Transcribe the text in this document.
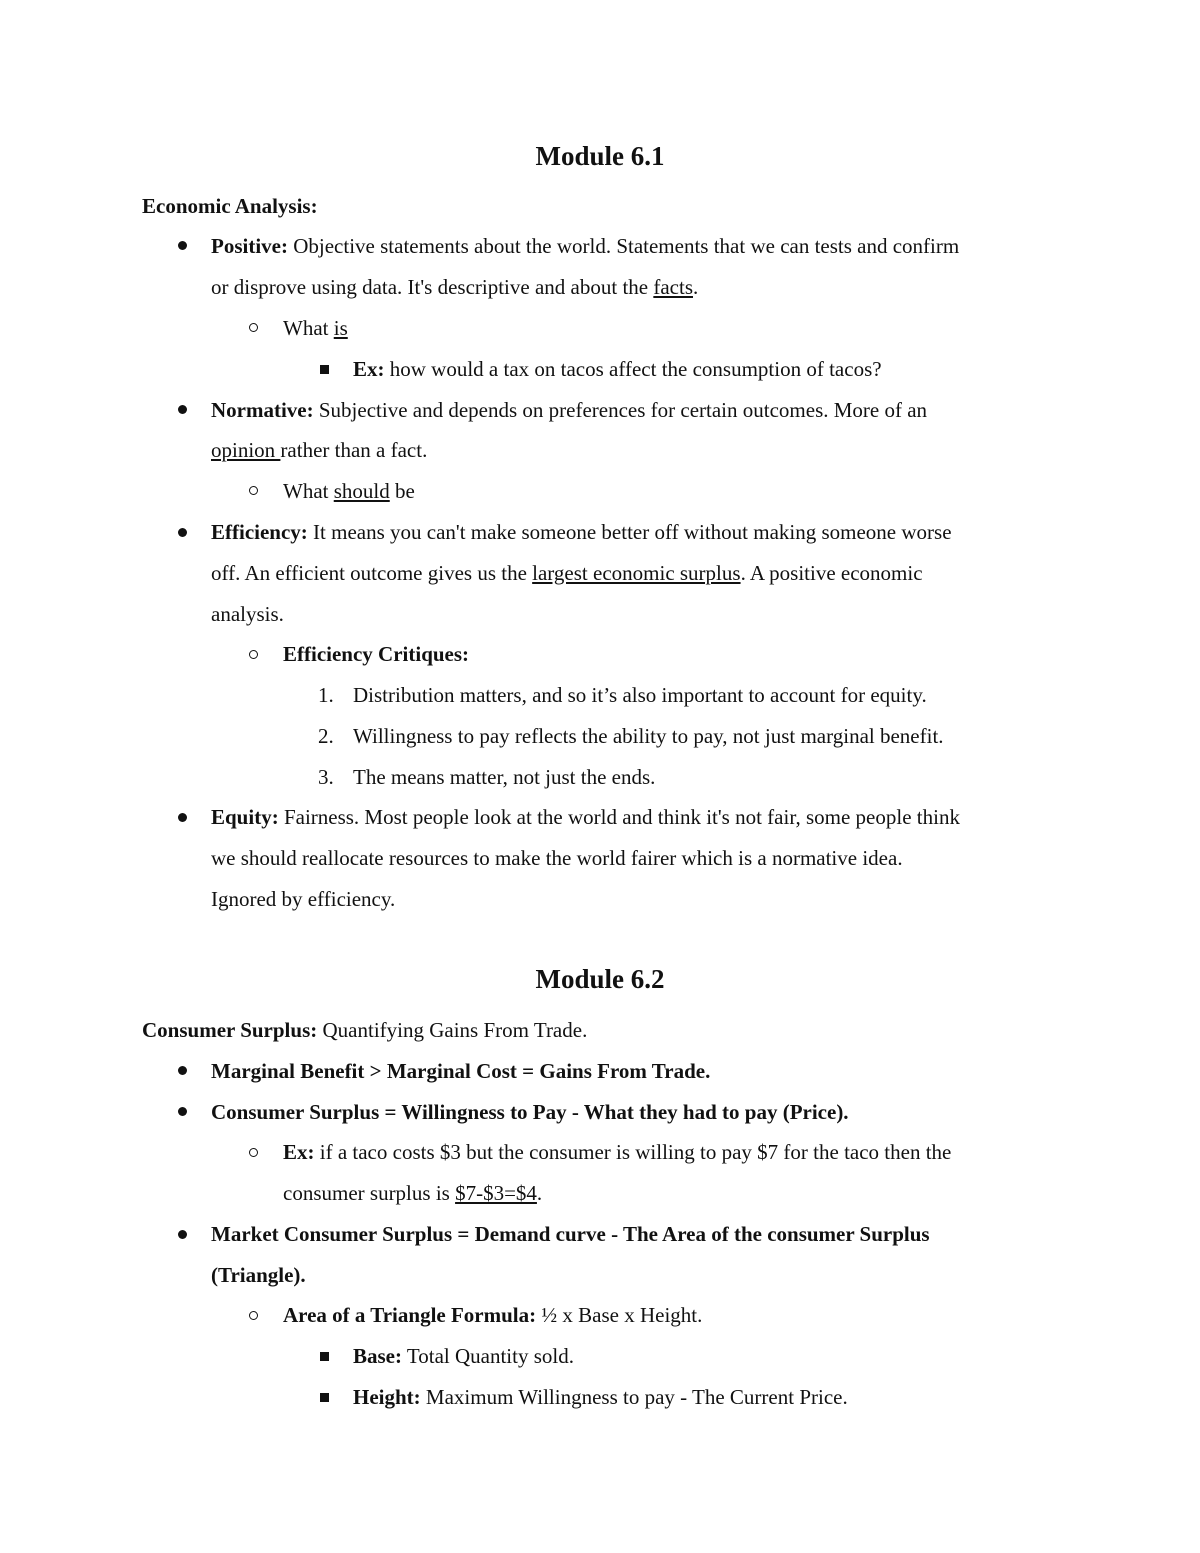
Module 6.1
Economic Analysis:
Positive: Objective statements about the world. Statements that we can tests and confirm
or disprove using data. It's descriptive and about the facts.
What is
Ex: how would a tax on tacos affect the consumption of tacos?
Normative: Subjective and depends on preferences for certain outcomes. More of an
opinion rather than a fact.
What should be
Efficiency: It means you can't make someone better off without making someone worse
off. An efficient outcome gives us the largest economic surplus. A positive economic
analysis.
Efficiency Critiques:
1. Distribution matters, and so it’s also important to account for equity.
2. Willingness to pay reflects the ability to pay, not just marginal benefit.
3. The means matter, not just the ends.
Equity: Fairness. Most people look at the world and think it's not fair, some people think
we should reallocate resources to make the world fairer which is a normative idea.
Ignored by efficiency.
Module 6.2
Consumer Surplus: Quantifying Gains From Trade.
Marginal Benefit > Marginal Cost = Gains From Trade.
Consumer Surplus = Willingness to Pay - What they had to pay (Price).
Ex: if a taco costs $3 but the consumer is willing to pay $7 for the taco then the
consumer surplus is $7-$3=$4.
Market Consumer Surplus = Demand curve - The Area of the consumer Surplus
(Triangle).
Area of a Triangle Formula: ½ x Base x Height.
Base: Total Quantity sold.
Height: Maximum Willingness to pay - The Current Price.
